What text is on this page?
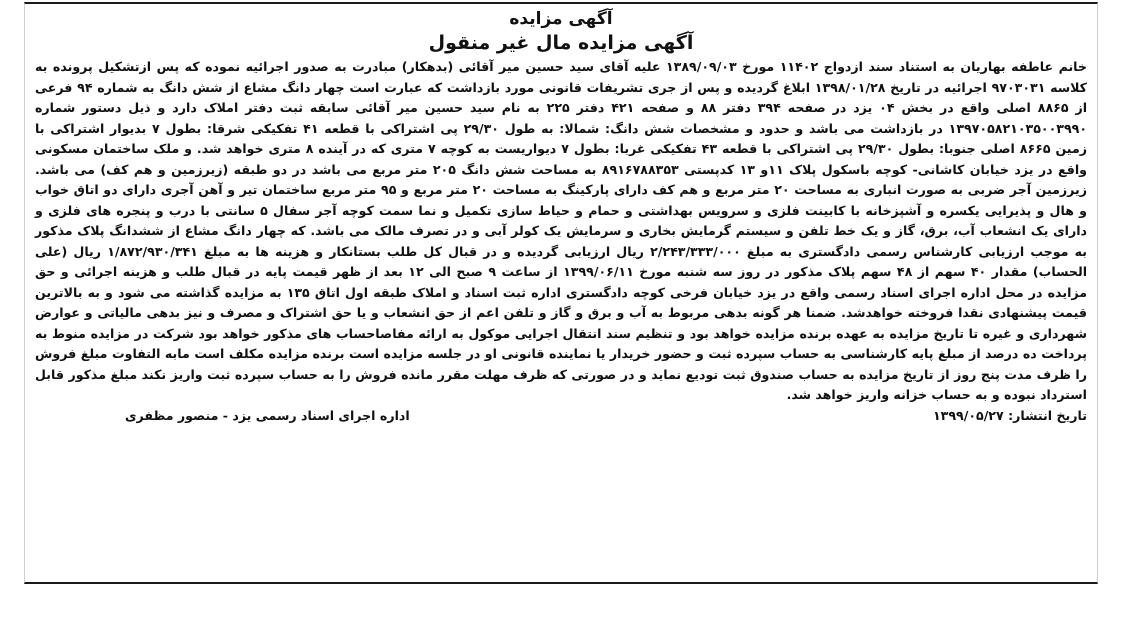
آگهی مزایده

آگهی مزایده مال غیر منقول

خانم عاطفه بهاریان به استناد سند ازدواج ۱۱۴۰۲ مورخ ۱۳۸۹/۰۹/۰۳ علیه آقای سید حسین میر آقائی (بدهکار) مبادرت به صدور اجرائیه نموده که پس ازتشکیل پرونده به کلاسه ۹۷۰۳۰۳۱ اجرائیه در تاریخ ۱۳۹۸/۰۱/۲۸ ابلاغ گردیده و پس از جری تشریفات قانونی مورد بازداشت که عبارت است چهار دانگ مشاع از شش دانگ به شماره ۹۴ فرعی از ۸۸۶۵ اصلی واقع در بخش ۰۴ یزد در صفحه ۳۹۴ دفتر ۸۸ و صفحه ۴۲۱ دفتر ۲۲۵ به نام سید حسین میر آقائی سابقه ثبت دفتر املاک دارد و ذیل دستور شماره ۱۳۹۷۰۵۸۲۱۰۳۵۰۰۳۹۹۰ در بازداشت می باشد و حدود و مشخصات شش دانگ: شمالا: به طول ۲۹/۳۰ پی اشتراکی با قطعه ۴۱ تفکیکی شرقا: بطول ۷ بدیوار اشتراکی با زمین ۸۶۶۵ اصلی جنوبا: بطول ۲۹/۳۰ پی اشتراکی با قطعه ۴۳ تفکیکی غربا: بطول ۷ دیواریست به کوچه ۷ متری که در آینده ۸ متری خواهد شد. و ملک ساختمان مسکونی واقع در یزد خیابان کاشانی- کوچه باسکول پلاک ۱۱و ۱۳ کدپستی ۸۹۱۶۷۸۸۳۵۳ به مساحت شش دانگ ۲۰۵ متر مربع می باشد در دو طبقه (زیرزمین و هم کف) می باشد. زیرزمین آجر ضربی به صورت انباری به مساحت ۲۰ متر مربع و هم کف دارای پارکینگ به مساحت ۲۰ متر مربع و ۹۵ متر مربع ساختمان تیر و آهن آجری دارای دو اتاق خواب و هال و پذیرایی یکسره و آشپزخانه با کابینت فلزی و سرویس بهداشتی و حمام و حیاط سازی تکمیل و نما سمت کوچه آجر سفال ۵ سانتی با درب و پنجره های فلزی و دارای یک انشعاب آب، برق، گاز و یک خط تلفن و سیستم گرمایش بخاری و سرمایش یک کولر آبی و در تصرف مالک می باشد. که چهار دانگ مشاع از ششدانگ پلاک مذکور به موجب ارزیابی کارشناس رسمی دادگستری به مبلغ ۲/۲۴۳/۳۳۳/۰۰۰ ریال ارزیابی گردیده و در قبال کل طلب بستانکار و هزینه ها به مبلغ ۱/۸۷۲/۹۳۰/۳۴۱ ریال (علی الحساب) مقدار ۴۰ سهم از ۴۸ سهم پلاک مذکور در روز سه شنبه مورخ ۱۳۹۹/۰۶/۱۱ از ساعت ۹ صبح الی ۱۲ بعد از ظهر قیمت پایه در قبال طلب و هزینه اجرائی و حق مزایده در محل اداره اجرای اسناد رسمی واقع در یزد خیابان فرخی کوچه دادگستری اداره ثبت اسناد و املاک طبقه اول اتاق ۱۳۵ به مزایده گذاشته می شود و به بالاترین قیمت پیشنهادی نقدا فروخته خواهدشد. ضمنا هر گونه بدهی مربوط به آب و برق و گاز و تلفن اعم از حق انشعاب و یا حق اشتراک و مصرف و نیز بدهی مالیاتی و عوارض شهرداری و غیره تا تاریخ مزایده به عهده برنده مزایده خواهد بود و تنظیم سند انتقال اجرایی موکول به ارائه مفاصاحساب های مذکور خواهد بود شرکت در مزایده منوط به پرداخت ده درصد از مبلغ پایه کارشناسی به حساب سپرده ثبت و حضور خریدار یا نماینده قانونی او در جلسه مزایده است برنده مزایده مکلف است مابه التفاوت مبلغ فروش را ظرف مدت پنج روز از تاریخ مزایده به حساب صندوق ثبت تودیع نماید و در صورتی که ظرف مهلت مقرر مانده فروش را به حساب سپرده ثبت واریز نکند مبلغ مذکور قابل استرداد نبوده و به حساب خزانه واریز خواهد شد.

تاریخ انتشار: ۱۳۹۹/۰۵/۲۷
اداره اجرای اسناد رسمی یزد - منصور مظفری
